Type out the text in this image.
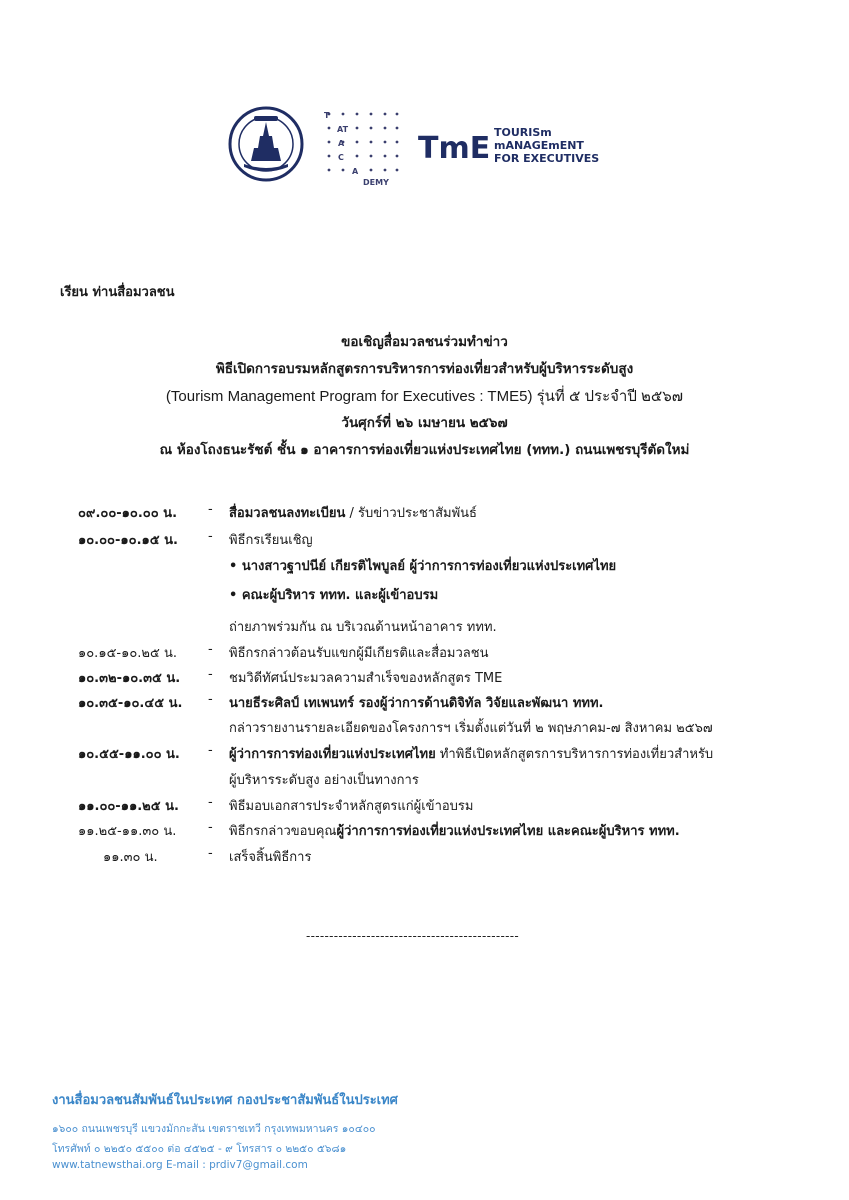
T
AT
A
C
A
DEMY
TmE TOURISm
mANAGEmENT
FOR EXECUTIVES
เรียน ท่านสื่อมวลชน
ขอเชิญสื่อมวลชนร่วมทำข่าว
พิธีเปิดการอบรมหลักสูตรการบริหารการท่องเที่ยวสำหรับผู้บริหารระดับสูง
(Tourism Management Program for Executives : TME5) รุ่นที่ ๕ ประจำปี ๒๕๖๗
วันศุกร์ที่ ๒๖ เมษายน ๒๕๖๗
ณ ห้องโถงธนะรัชต์ ชั้น ๑ อาคารการท่องเที่ยวแห่งประเทศไทย (ททท.) ถนนเพชรบุรีตัดใหม่
๐๙.๐๐-๑๐.๐๐ น.	- สื่อมวลชนลงทะเบียน / รับข่าวประชาสัมพันธ์
๑๐.๐๐-๑๐.๑๕ น.	- พิธีกรเรียนเชิญ
• นางสาวฐาปนีย์ เกียรติไพบูลย์ ผู้ว่าการการท่องเที่ยวแห่งประเทศไทย
• คณะผู้บริหาร ททท. และผู้เข้าอบรม
ถ่ายภาพร่วมกัน ณ บริเวณด้านหน้าอาคาร ททท.
๑๐.๑๕-๑๐.๒๕ น.	- พิธีกรกล่าวต้อนรับแขกผู้มีเกียรติและสื่อมวลชน
๑๐.๓๒-๑๐.๓๕ น.	- ชมวิดีทัศน์ประมวลความสำเร็จของหลักสูตร TME
๑๐.๓๕-๑๐.๔๕ น.	- นายธีระศิลป์ เทเพนทร์ รองผู้ว่าการด้านดิจิทัล วิจัยและพัฒนา ททท.
กล่าวรายงานรายละเอียดของโครงการฯ เริ่มตั้งแต่วันที่ ๒ พฤษภาคม-๗ สิงหาคม ๒๕๖๗
๑๐.๕๕-๑๑.๐๐ น.	- ผู้ว่าการการท่องเที่ยวแห่งประเทศไทย ทำพิธีเปิดหลักสูตรการบริหารการท่องเที่ยวสำหรับ
ผู้บริหารระดับสูง อย่างเป็นทางการ
๑๑.๐๐-๑๑.๒๕ น.	- พิธีมอบเอกสารประจำหลักสูตรแก่ผู้เข้าอบรม
๑๑.๒๕-๑๑.๓๐ น.	- พิธีกรกล่าวขอบคุณผู้ว่าการการท่องเที่ยวแห่งประเทศไทย และคณะผู้บริหาร ททท.
๑๑.๓๐ น.	- เสร็จสิ้นพิธีการ
----------------------------------------------
งานสื่อมวลชนสัมพันธ์ในประเทศ กองประชาสัมพันธ์ในประเทศ
๑๖๐๐ ถนนเพชรบุรี แขวงมักกะสัน เขตราชเทวี กรุงเทพมหานคร ๑๐๔๐๐
โทรศัพท์ ๐ ๒๒๕๐ ๕๕๐๐ ต่อ ๔๕๒๕ - ๙ โทรสาร ๐ ๒๒๕๐ ๕๖๘๑
www.tatnewsthai.org E-mail : prdiv7@gmail.com
